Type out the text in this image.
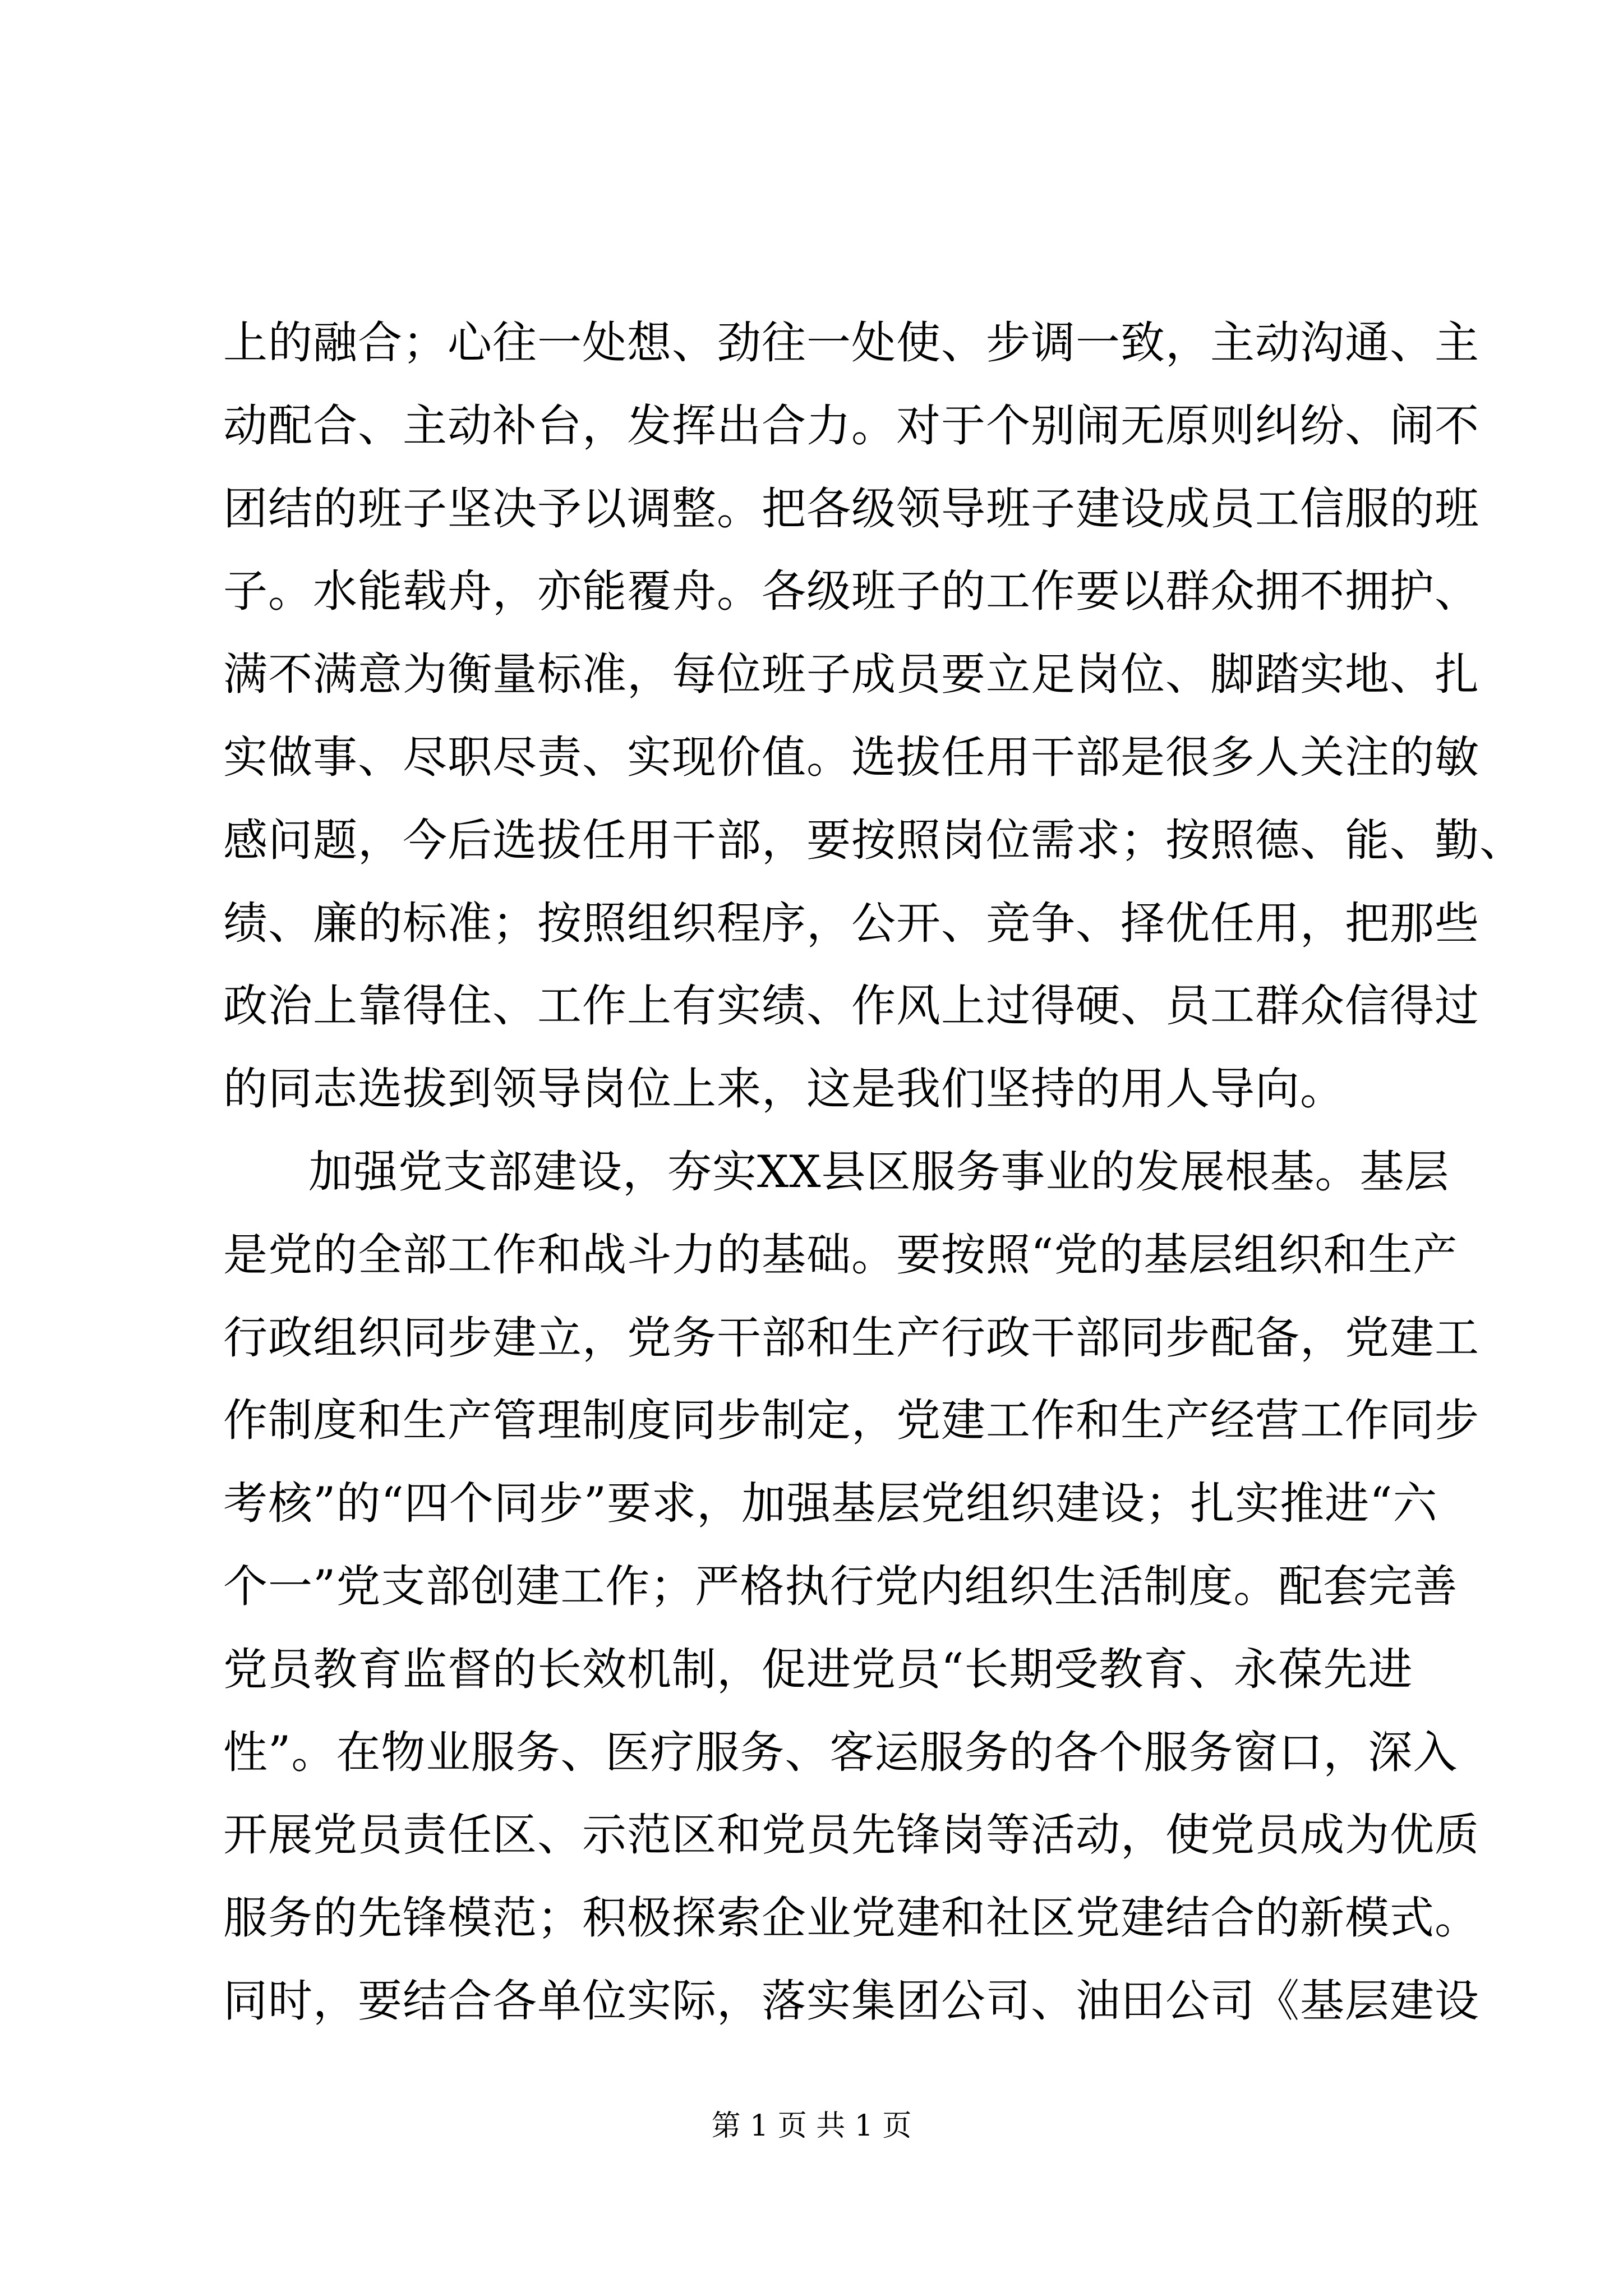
上的融合；心往一处想、劲往一处使、步调一致，主动沟通、主
动配合、主动补台，发挥出合力。对于个别闹无原则纠纷、闹不
团结的班子坚决予以调整。把各级领导班子建设成员工信服的班
子。水能载舟，亦能覆舟。各级班子的工作要以群众拥不拥护、
满不满意为衡量标准，每位班子成员要立足岗位、脚踏实地、扎
实做事、尽职尽责、实现价值。选拔任用干部是很多人关注的敏
感问题，今后选拔任用干部，要按照岗位需求；按照德、能、勤、
绩、廉的标准；按照组织程序，公开、竞争、择优任用，把那些
政治上靠得住、工作上有实绩、作风上过得硬、员工群众信得过
的同志选拔到领导岗位上来，这是我们坚持的用人导向。
加强党支部建设，夯实XX县区服务事业的发展根基。基层
是党的全部工作和战斗力的基础。要按照“党的基层组织和生产
行政组织同步建立，党务干部和生产行政干部同步配备，党建工
作制度和生产管理制度同步制定，党建工作和生产经营工作同步
考核”的“四个同步”要求，加强基层党组织建设；扎实推进“六
个一”党支部创建工作；严格执行党内组织生活制度。配套完善
党员教育监督的长效机制，促进党员“长期受教育、永葆先进
性”。在物业服务、医疗服务、客运服务的各个服务窗口，深入
开展党员责任区、示范区和党员先锋岗等活动，使党员成为优质
服务的先锋模范；积极探索企业党建和社区党建结合的新模式。
同时，要结合各单位实际，落实集团公司、油田公司《基层建设
第 1 页 共 1 页
